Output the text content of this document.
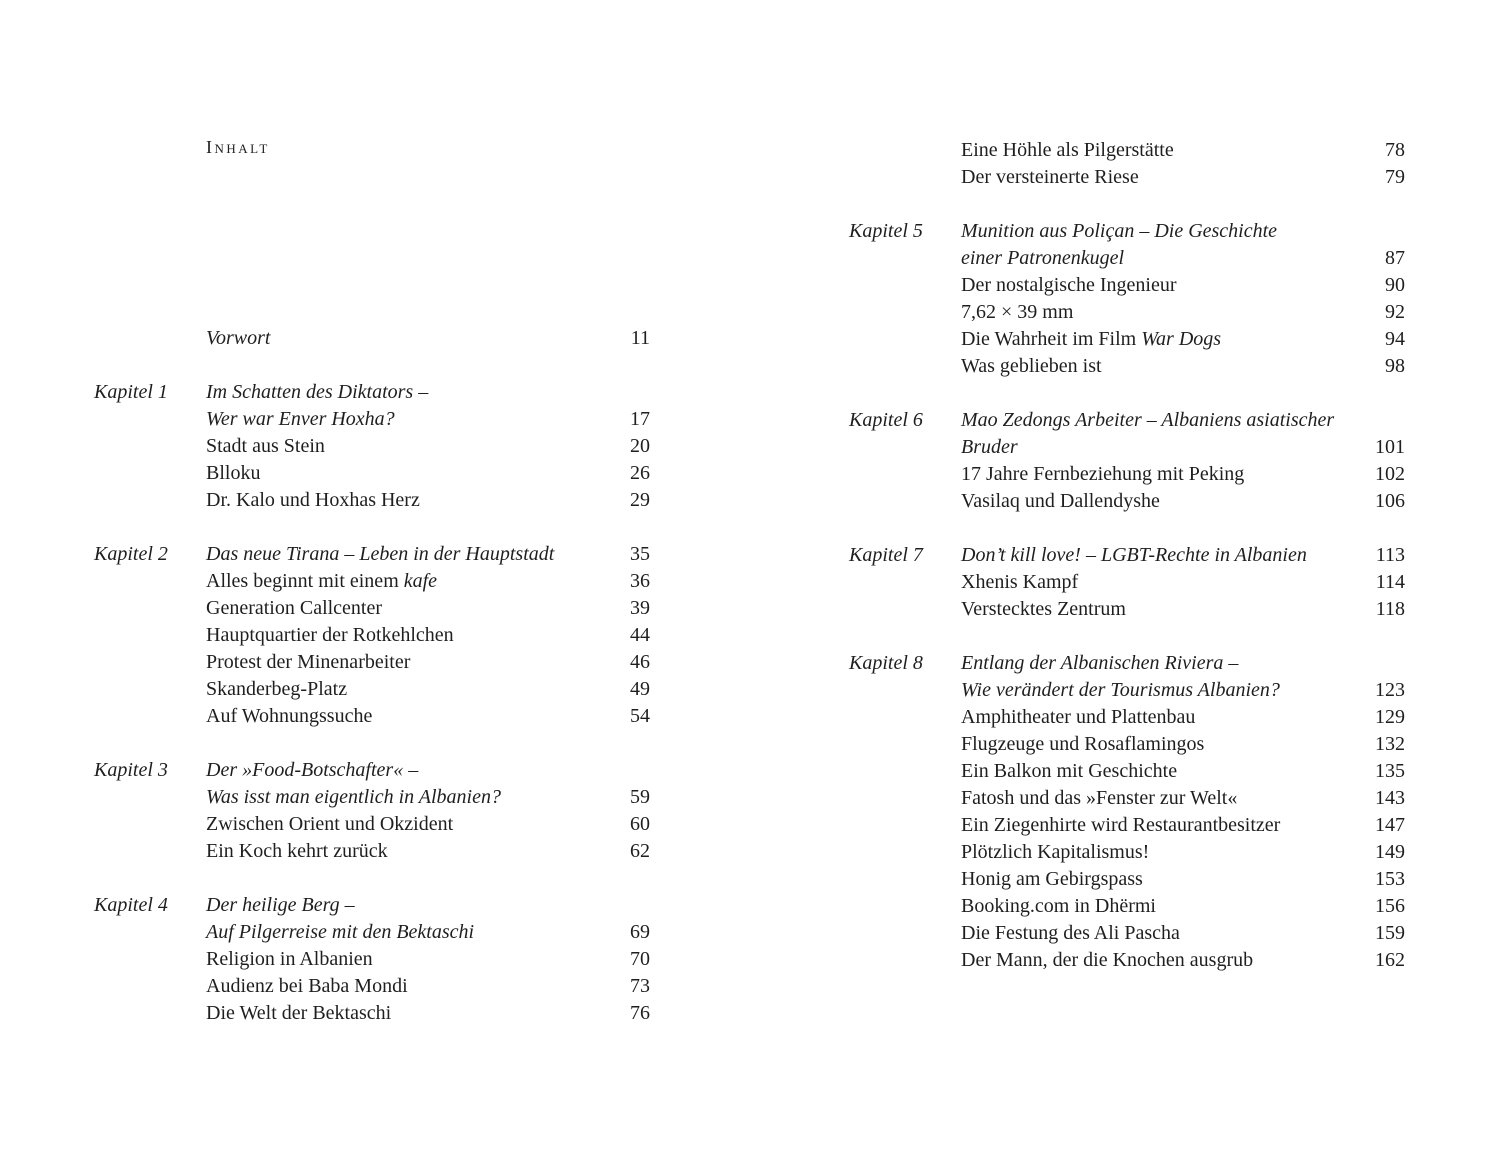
Inhalt
Vorwort	11
Kapitel 1 Im Schatten des Diktators –
Wer war Enver Hoxha?	17
Stadt aus Stein	20
Blloku	26
Dr. Kalo und Hoxhas Herz	29
Kapitel 2 Das neue Tirana – Leben in der Hauptstadt	35
Alles beginnt mit einem kafe	36
Generation Callcenter	39
Hauptquartier der Rotkehlchen	44
Protest der Minenarbeiter	46
Skanderbeg-Platz	49
Auf Wohnungssuche	54
Kapitel 3 Der »Food-Botschafter« –
Was isst man eigentlich in Albanien?	59
Zwischen Orient und Okzident	60
Ein Koch kehrt zurück	62
Kapitel 4 Der heilige Berg –
Auf Pilgerreise mit den Bektaschi	69
Religion in Albanien	70
Audienz bei Baba Mondi	73
Die Welt der Bektaschi	76
Eine Höhle als Pilgerstätte	78
Der versteinerte Riese	79
Kapitel 5 Munition aus Poliçan – Die Geschichte
einer Patronenkugel	87
Der nostalgische Ingenieur	90
7,62 × 39 mm	92
Die Wahrheit im Film War Dogs	94
Was geblieben ist	98
Kapitel 6 Mao Zedongs Arbeiter – Albaniens asiatischer
Bruder	101
17 Jahre Fernbeziehung mit Peking	102
Vasilaq und Dallendyshe	106
Kapitel 7 Don’t kill love! – LGBT-Rechte in Albanien	113
Xhenis Kampf	114
Verstecktes Zentrum	118
Kapitel 8 Entlang der Albanischen Riviera –
Wie verändert der Tourismus Albanien?	123
Amphitheater und Plattenbau	129
Flugzeuge und Rosaflamingos	132
Ein Balkon mit Geschichte	135
Fatosh und das »Fenster zur Welt«	143
Ein Ziegenhirte wird Restaurantbesitzer	147
Plötzlich Kapitalismus!	149
Honig am Gebirgspass	153
Booking.com in Dhërmi	156
Die Festung des Ali Pascha	159
Der Mann, der die Knochen ausgrub	162
